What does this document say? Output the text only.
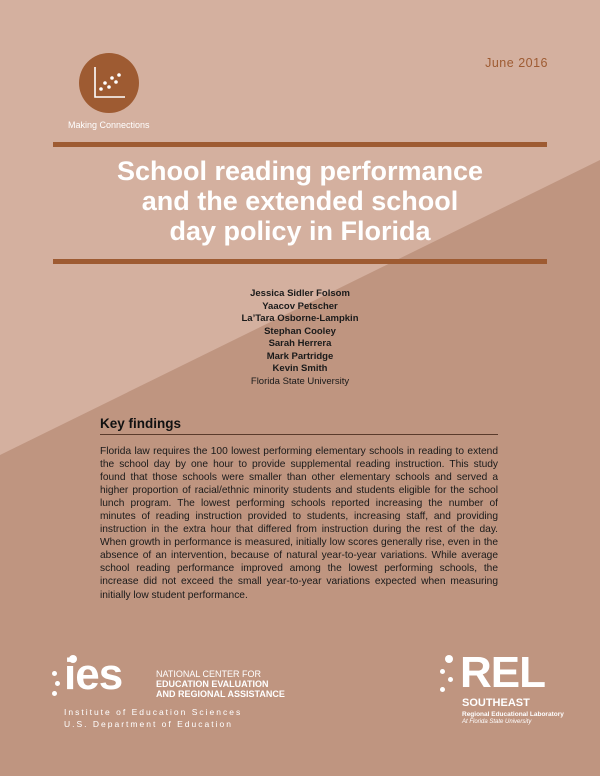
Making Connections
June 2016
School reading performance
and the extended school
day policy in Florida
Jessica Sidler Folsom
Yaacov Petscher
La’Tara Osborne-Lampkin
Stephan Cooley
Sarah Herrera
Mark Partridge
Kevin Smith
Florida State University
Key findings
Florida law requires the 100 lowest performing elementary schools in reading to extend the school day by one hour to provide supplemental reading instruction. This study found that those schools were smaller than other elementary schools and served a higher proportion of racial/ethnic minority students and students eligible for the school lunch program. The lowest performing schools reported increasing the number of minutes of reading instruction provided to students, increasing staff, and providing instruction in the extra hour that differed from instruction during the rest of the day. When growth in performance is measured, initially low scores generally rise, even in the absence of an intervention, because of natural year-to-year variations. While average school reading performance improved among the lowest performing schools, the increase did not exceed the small year-to-year variations expected when measuring initially low student performance.
ies	NATIONAL CENTER FOR
EDUCATION EVALUATION
AND REGIONAL ASSISTANCE
Institute of Education Sciences
U.S. Department of Education
REL
SOUTHEAST
Regional Educational Laboratory
At Florida State University
